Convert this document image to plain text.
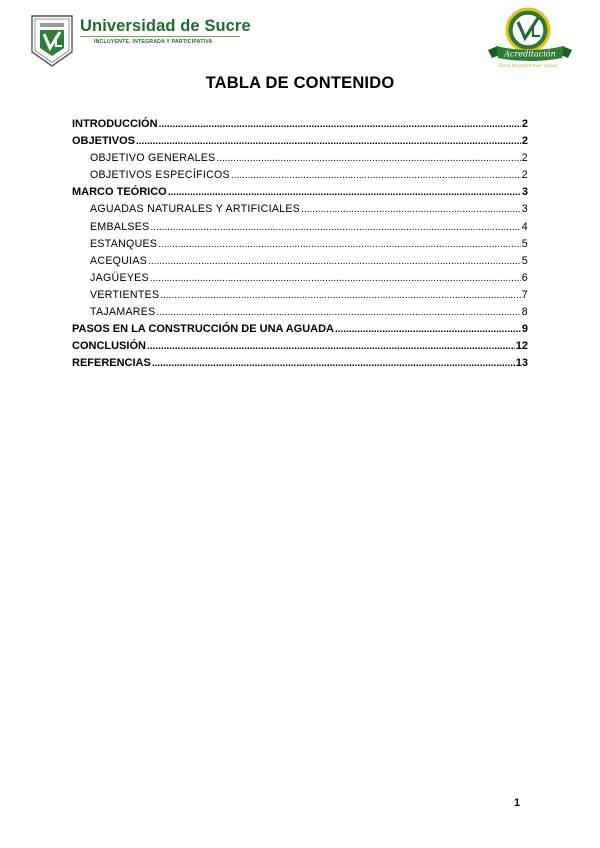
Universidad de Sucre
INCLUYENTE, INTEGRADA Y PARTICIPATIVA
Acreditación
Para transformar vidas
TABLA DE CONTENIDO
INTRODUCCIÓN .....	2
OBJETIVOS .....	2
OBJETIVO GENERALES .....	2
OBJETIVOS ESPECÍFICOS .....	2
MARCO TEÓRICO .....	3
AGUADAS NATURALES Y ARTIFICIALES .....	3
EMBALSES .....	4
ESTANQUES .....	5
ACEQUIAS .....	5
JAGÜEYES .....	6
VERTIENTES .....	7
TAJAMARES .....	8
PASOS EN LA CONSTRUCCIÓN DE UNA AGUADA .....	9
CONCLUSIÓN .....	12
REFERENCIAS .....	13
1
